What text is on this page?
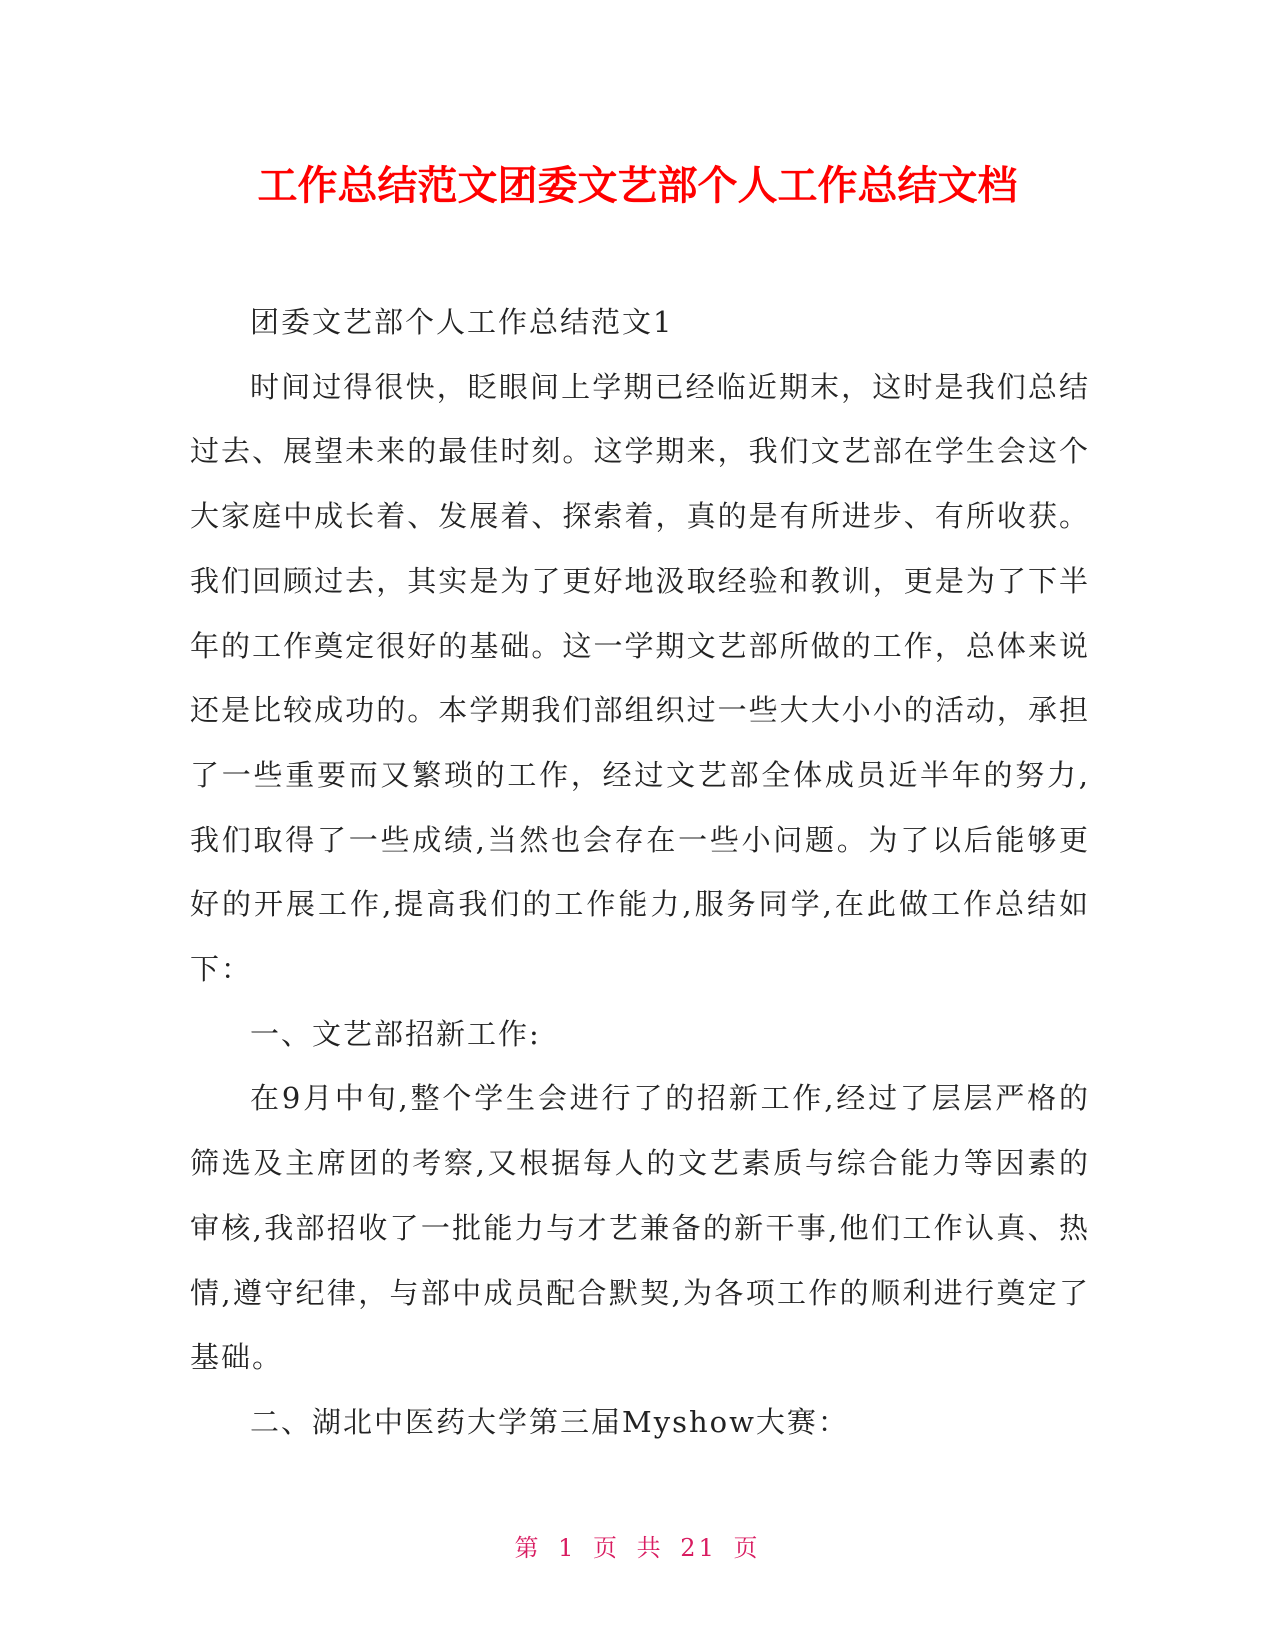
工作总结范文团委文艺部个人工作总结文档

团委文艺部个人工作总结范文1

时间过得很快，眨眼间上学期已经临近期末，这时是我们总结过去、展望未来的最佳时刻。这学期来，我们文艺部在学生会这个大家庭中成长着、发展着、探索着，真的是有所进步、有所收获。我们回顾过去，其实是为了更好地汲取经验和教训，更是为了下半年的工作奠定很好的基础。这一学期文艺部所做的工作，总体来说还是比较成功的。本学期我们部组织过一些大大小小的活动，承担了一些重要而又繁琐的工作，经过文艺部全体成员近半年的努力,我们取得了一些成绩,当然也会存在一些小问题。为了以后能够更好的开展工作,提高我们的工作能力,服务同学,在此做工作总结如下：

一、文艺部招新工作:

在9月中旬,整个学生会进行了的招新工作,经过了层层严格的筛选及主席团的考察,又根据每人的文艺素质与综合能力等因素的审核,我部招收了一批能力与才艺兼备的新干事,他们工作认真、热情,遵守纪律，与部中成员配合默契,为各项工作的顺利进行奠定了基础。

二、湖北中医药大学第三届Myshow大赛：

第 1 页 共 21 页
